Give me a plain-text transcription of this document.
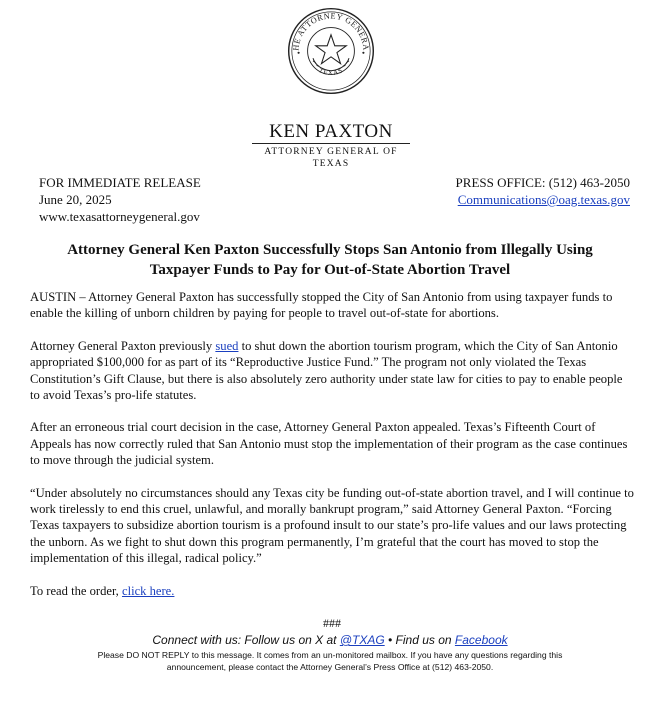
HE ATTORNEY GENERA
TEXAS
KEN PAXTON
ATTORNEY GENERAL OF TEXAS
FOR IMMEDIATE RELEASE
June 20, 2025
www.texasattorneygeneral.gov
PRESS OFFICE: (512) 463-2050
Communications@oag.texas.gov
Attorney General Ken Paxton Successfully Stops San Antonio from Illegally Using
Taxpayer Funds to Pay for Out-of-State Abortion Travel

AUSTIN – Attorney General Paxton has successfully stopped the City of San Antonio from using taxpayer funds to enable the killing of unborn children by paying for people to travel out-of-state for abortions.

Attorney General Paxton previously sued to shut down the abortion tourism program, which the City of San Antonio appropriated $100,000 for as part of its “Reproductive Justice Fund.” The program not only violated the Texas Constitution’s Gift Clause, but there is also absolutely zero authority under state law for cities to pay to enable people to avoid Texas’s pro-life statutes.

After an erroneous trial court decision in the case, Attorney General Paxton appealed. Texas’s Fifteenth Court of Appeals has now correctly ruled that San Antonio must stop the implementation of their program as the case continues to move through the judicial system.

“Under absolutely no circumstances should any Texas city be funding out-of-state abortion travel, and I will continue to work tirelessly to end this cruel, unlawful, and morally bankrupt program,” said Attorney General Paxton. “Forcing Texas taxpayers to subsidize abortion tourism is a profound insult to our state’s pro-life values and our laws protecting the unborn. As we fight to shut down this program permanently, I’m grateful that the court has moved to stop the implementation of this illegal, radical policy.”

To read the order, click here.

###

Connect with us: Follow us on X at @TXAG • Find us on Facebook
Please DO NOT REPLY to this message. It comes from an un-monitored mailbox. If you have any questions regarding this
announcement, please contact the Attorney General’s Press Office at (512) 463-2050.
